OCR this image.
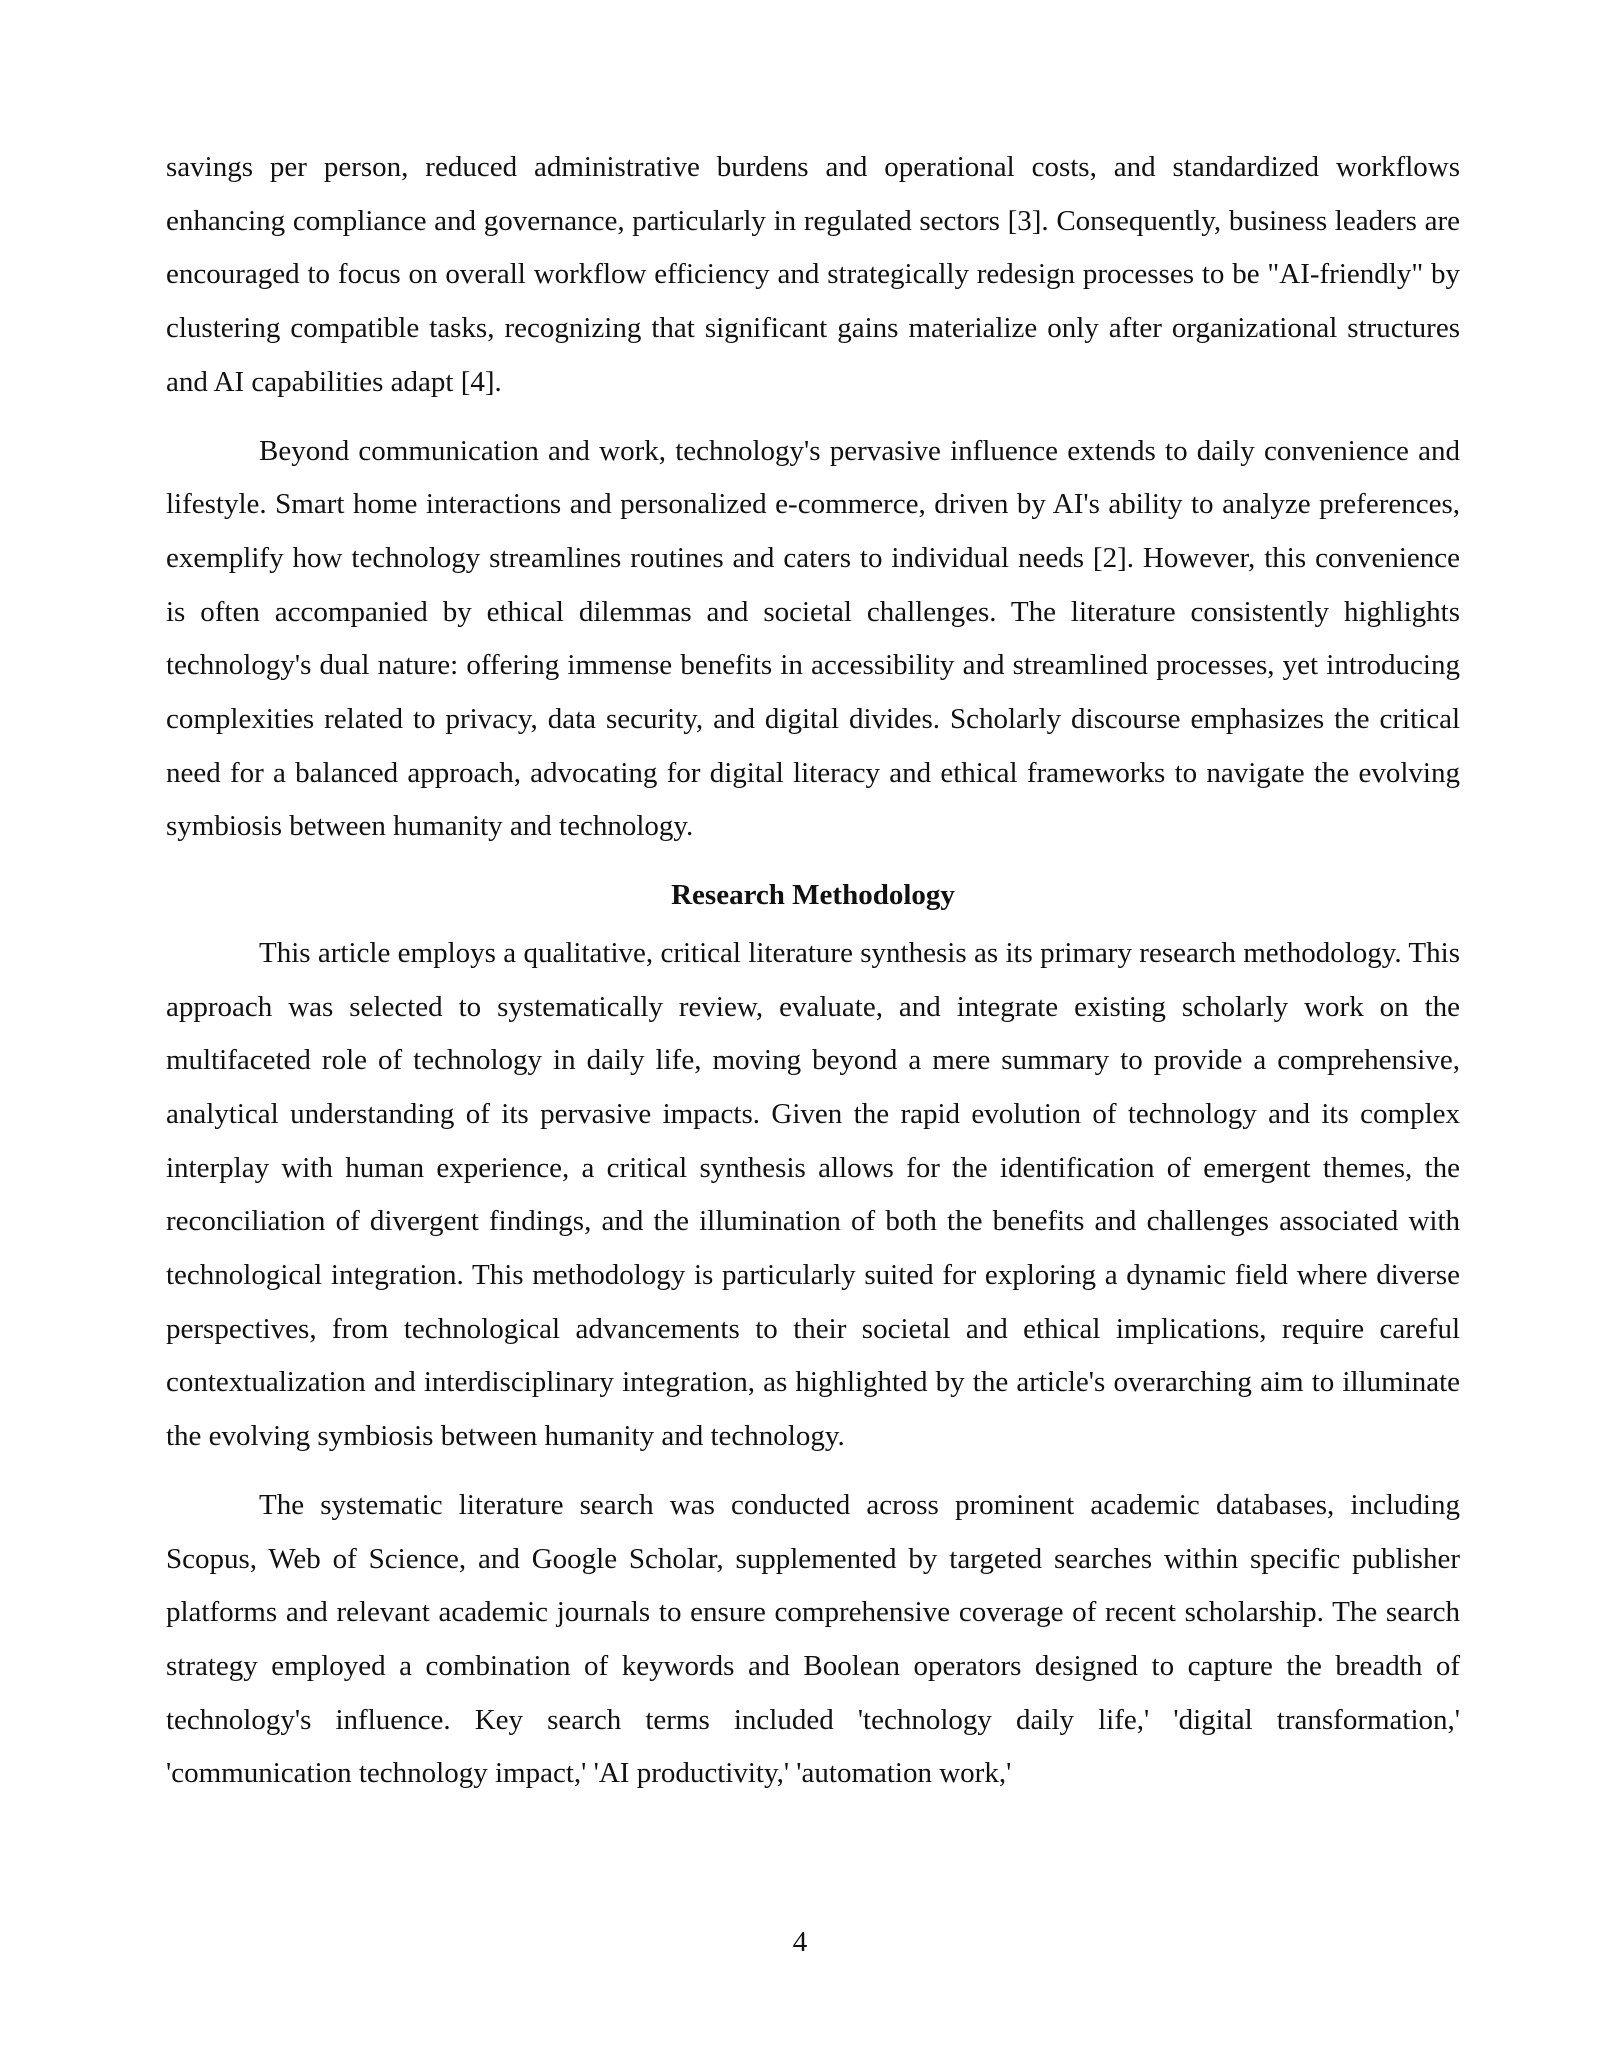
savings per person, reduced administrative burdens and operational costs, and standardized workflows enhancing compliance and governance, particularly in regulated sectors [3]. Consequently, business leaders are encouraged to focus on overall workflow efficiency and strategically redesign processes to be "AI-friendly" by clustering compatible tasks, recognizing that significant gains materialize only after organizational structures and AI capabilities adapt [4].

Beyond communication and work, technology's pervasive influence extends to daily convenience and lifestyle. Smart home interactions and personalized e-commerce, driven by AI's ability to analyze preferences, exemplify how technology streamlines routines and caters to individual needs [2]. However, this convenience is often accompanied by ethical dilemmas and societal challenges. The literature consistently highlights technology's dual nature: offering immense benefits in accessibility and streamlined processes, yet introducing complexities related to privacy, data security, and digital divides. Scholarly discourse emphasizes the critical need for a balanced approach, advocating for digital literacy and ethical frameworks to navigate the evolving symbiosis between humanity and technology.

Research Methodology

This article employs a qualitative, critical literature synthesis as its primary research methodology. This approach was selected to systematically review, evaluate, and integrate existing scholarly work on the multifaceted role of technology in daily life, moving beyond a mere summary to provide a comprehensive, analytical understanding of its pervasive impacts. Given the rapid evolution of technology and its complex interplay with human experience, a critical synthesis allows for the identification of emergent themes, the reconciliation of divergent findings, and the illumination of both the benefits and challenges associated with technological integration. This methodology is particularly suited for exploring a dynamic field where diverse perspectives, from technological advancements to their societal and ethical implications, require careful contextualization and interdisciplinary integration, as highlighted by the article's overarching aim to illuminate the evolving symbiosis between humanity and technology.

The systematic literature search was conducted across prominent academic databases, including Scopus, Web of Science, and Google Scholar, supplemented by targeted searches within specific publisher platforms and relevant academic journals to ensure comprehensive coverage of recent scholarship. The search strategy employed a combination of keywords and Boolean operators designed to capture the breadth of technology's influence. Key search terms included 'technology daily life,' 'digital transformation,' 'communication technology impact,' 'AI productivity,' 'automation work,'

4
